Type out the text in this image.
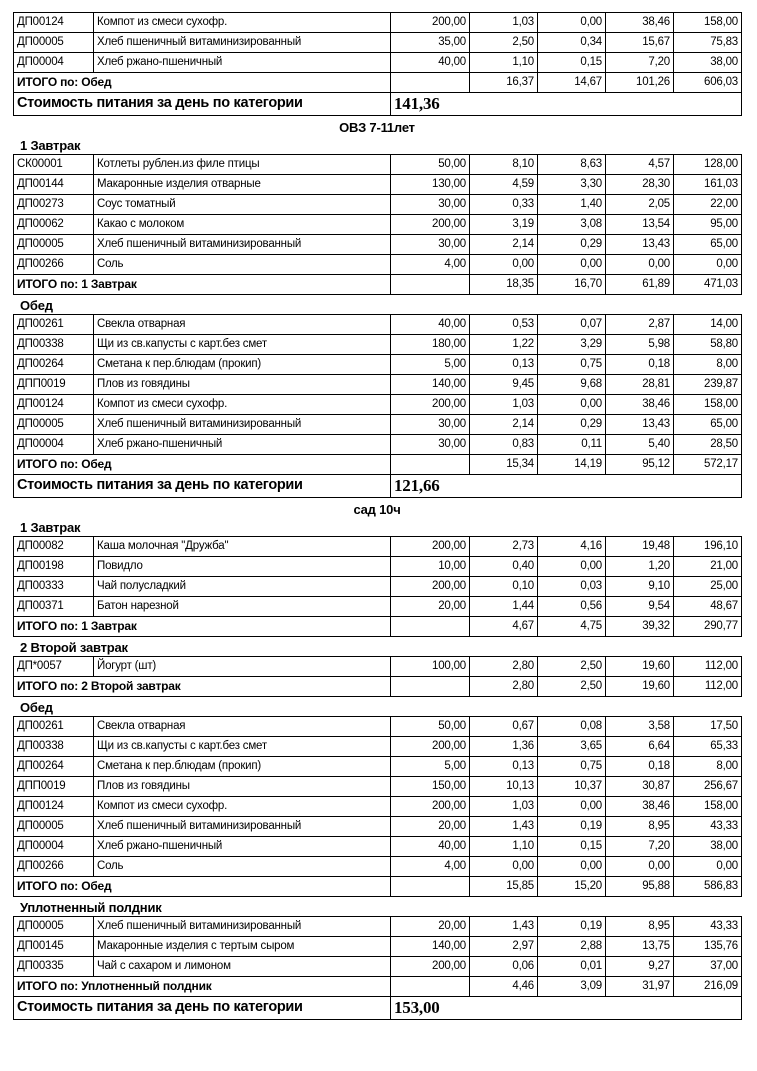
ДП00124	Компот из смеси сухофр.	200,00	1,03	0,00	38,46	158,00
ДП00005	Хлеб пшеничный витаминизированный	35,00	2,50	0,34	15,67	75,83
ДП00004	Хлеб ржано-пшеничный	40,00	1,10	0,15	7,20	38,00
ИТОГО по: Обед			16,37	14,67	101,26	606,03
Стоимость питания за день по категории		141,36				
ОВЗ 7-11лет
1 Завтрак
СК00001	Котлеты рублен.из филе птицы	50,00	8,10	8,63	4,57	128,00
ДП00144	Макаронные изделия отварные	130,00	4,59	3,30	28,30	161,03
ДП00273	Соус томатный	30,00	0,33	1,40	2,05	22,00
ДП00062	Какао с молоком	200,00	3,19	3,08	13,54	95,00
ДП00005	Хлеб пшеничный витаминизированный	30,00	2,14	0,29	13,43	65,00
ДП00266	Соль	4,00	0,00	0,00	0,00	0,00
ИТОГО по: 1 Завтрак			18,35	16,70	61,89	471,03
Обед
ДП00261	Свекла отварная	40,00	0,53	0,07	2,87	14,00
ДП00338	Щи из св.капусты с карт.без смет	180,00	1,22	3,29	5,98	58,80
ДП00264	Сметана к пер.блюдам (прокип)	5,00	0,13	0,75	0,18	8,00
ДПП0019	Плов из говядины	140,00	9,45	9,68	28,81	239,87
ДП00124	Компот из смеси сухофр.	200,00	1,03	0,00	38,46	158,00
ДП00005	Хлеб пшеничный витаминизированный	30,00	2,14	0,29	13,43	65,00
ДП00004	Хлеб ржано-пшеничный	30,00	0,83	0,11	5,40	28,50
ИТОГО по: Обед			15,34	14,19	95,12	572,17
Стоимость питания за день по категории		121,66				
сад 10ч
1 Завтрак
ДП00082	Каша молочная "Дружба"	200,00	2,73	4,16	19,48	196,10
ДП00198	Повидло	10,00	0,40	0,00	1,20	21,00
ДП00333	Чай полусладкий	200,00	0,10	0,03	9,10	25,00
ДП00371	Батон нарезной	20,00	1,44	0,56	9,54	48,67
ИТОГО по: 1 Завтрак			4,67	4,75	39,32	290,77
2 Второй завтрак
ДП*0057	Йогурт (шт)	100,00	2,80	2,50	19,60	112,00
ИТОГО по: 2 Второй завтрак			2,80	2,50	19,60	112,00
Обед
ДП00261	Свекла отварная	50,00	0,67	0,08	3,58	17,50
ДП00338	Щи из св.капусты с карт.без смет	200,00	1,36	3,65	6,64	65,33
ДП00264	Сметана к пер.блюдам (прокип)	5,00	0,13	0,75	0,18	8,00
ДПП0019	Плов из говядины	150,00	10,13	10,37	30,87	256,67
ДП00124	Компот из смеси сухофр.	200,00	1,03	0,00	38,46	158,00
ДП00005	Хлеб пшеничный витаминизированный	20,00	1,43	0,19	8,95	43,33
ДП00004	Хлеб ржано-пшеничный	40,00	1,10	0,15	7,20	38,00
ДП00266	Соль	4,00	0,00	0,00	0,00	0,00
ИТОГО по: Обед			15,85	15,20	95,88	586,83
Уплотненный полдник
ДП00005	Хлеб пшеничный витаминизированный	20,00	1,43	0,19	8,95	43,33
ДП00145	Макаронные изделия с тертым сыром	140,00	2,97	2,88	13,75	135,76
ДП00335	Чай с сахаром и лимоном	200,00	0,06	0,01	9,27	37,00
ИТОГО по: Уплотненный полдник			4,46	3,09	31,97	216,09
Стоимость питания за день по категории		153,00				
